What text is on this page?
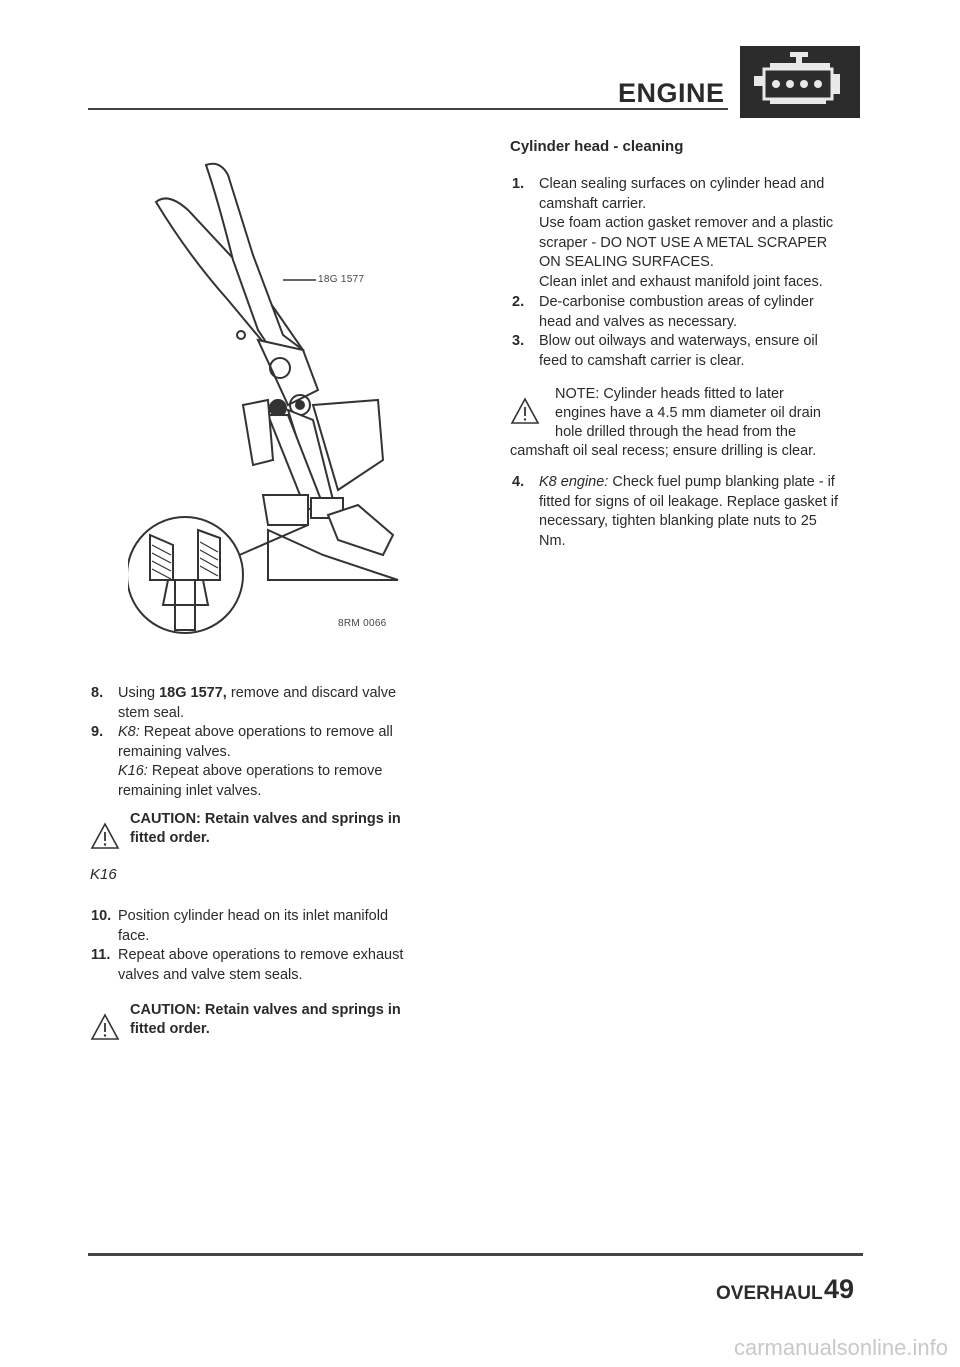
ENGINE
18G 1577
8RM 0066
8. Using 18G 1577, remove and discard valve

stem seal.

9. K8: Repeat above operations to remove all

remaining valves.

K16: Repeat above operations to remove

remaining inlet valves.

CAUTION: Retain valves and springs in
fitted order.
K16
10. Position cylinder head on its inlet manifold

face.

11. Repeat above operations to remove exhaust

valves and valve stem seals.

CAUTION: Retain valves and springs in
fitted order.
Cylinder head - cleaning
1. Clean sealing surfaces on cylinder head and

camshaft carrier.

Use foam action gasket remover and a plastic

scraper - DO NOT USE A METAL SCRAPER

ON SEALING SURFACES.

Clean inlet and exhaust manifold joint faces.

2. De-carbonise combustion areas of cylinder

head and valves as necessary.

3. Blow out oilways and waterways, ensure oil

feed to camshaft carrier is clear.

NOTE: Cylinder heads fitted to later
engines have a 4.5 mm diameter oil drain
hole drilled through the head from the
camshaft oil seal recess; ensure drilling is clear.
4. K8 engine: Check fuel pump blanking plate - if

fitted for signs of oil leakage. Replace gasket if

necessary, tighten blanking plate nuts to 25

Nm.

OVERHAUL 49
carmanualsonline.info
